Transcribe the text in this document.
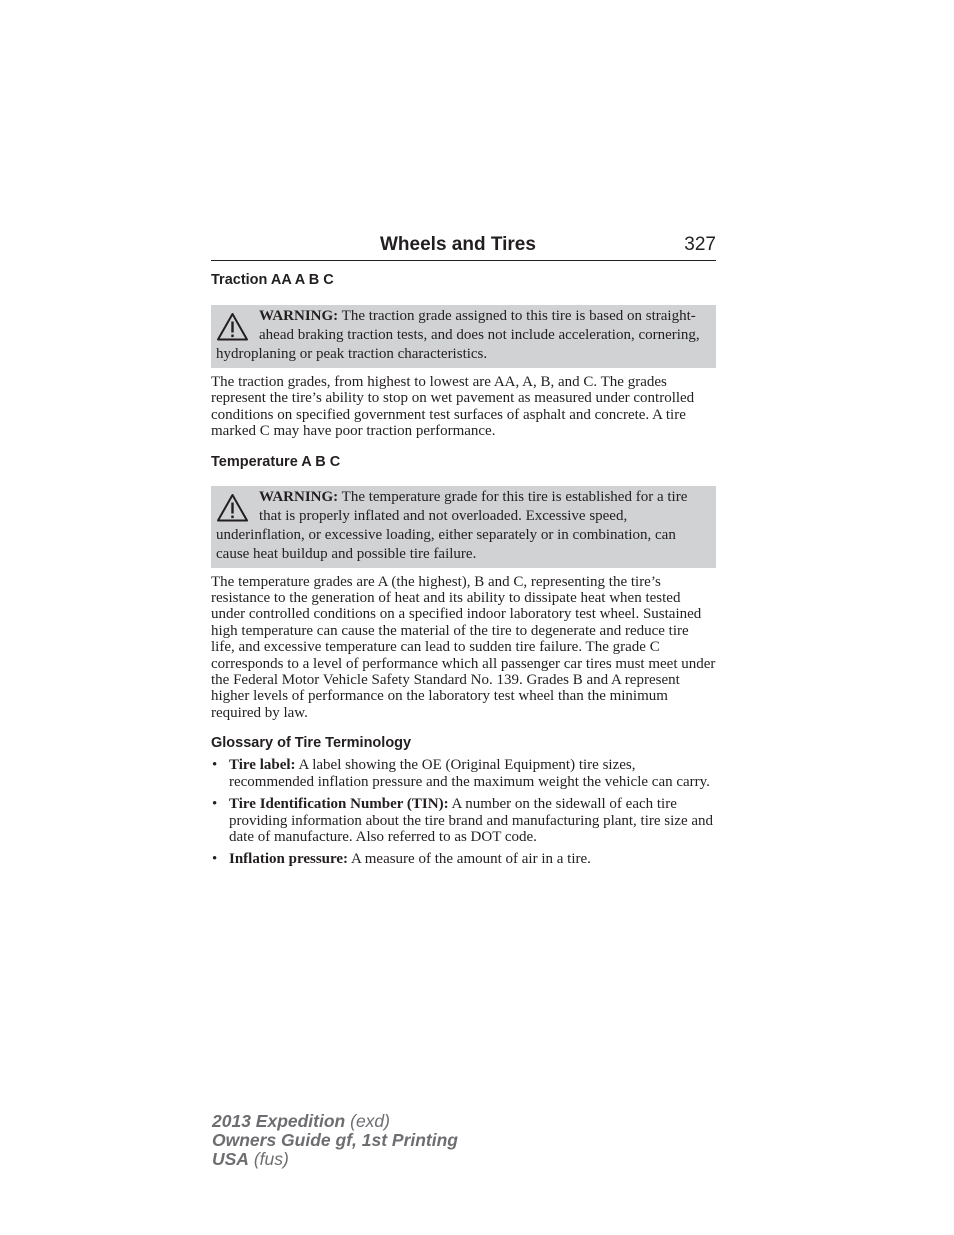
Wheels and Tires	327
Traction AA A B C
WARNING: The traction grade assigned to this tire is based on straight-ahead braking traction tests, and does not include acceleration, cornering, hydroplaning or peak traction characteristics.

The traction grades, from highest to lowest are AA, A, B, and C. The grades represent the tire’s ability to stop on wet pavement as measured under controlled conditions on specified government test surfaces of asphalt and concrete. A tire marked C may have poor traction performance.

Temperature A B C
WARNING: The temperature grade for this tire is established for a tire that is properly inflated and not overloaded. Excessive speed, underinflation, or excessive loading, either separately or in combination, can cause heat buildup and possible tire failure.

The temperature grades are A (the highest), B and C, representing the tire’s resistance to the generation of heat and its ability to dissipate heat when tested under controlled conditions on a specified indoor laboratory test wheel. Sustained high temperature can cause the material of the tire to degenerate and reduce tire life, and excessive temperature can lead to sudden tire failure. The grade C corresponds to a level of performance which all passenger car tires must meet under the Federal Motor Vehicle Safety Standard No. 139. Grades B and A represent higher levels of performance on the laboratory test wheel than the minimum required by law.

Glossary of Tire Terminology
• Tire label: A label showing the OE (Original Equipment) tire sizes, recommended inflation pressure and the maximum weight the vehicle can carry.
• Tire Identification Number (TIN): A number on the sidewall of each tire providing information about the tire brand and manufacturing plant, tire size and date of manufacture. Also referred to as DOT code.
• Inflation pressure: A measure of the amount of air in a tire.
2013 Expedition (exd)
Owners Guide gf, 1st Printing
USA (fus)
